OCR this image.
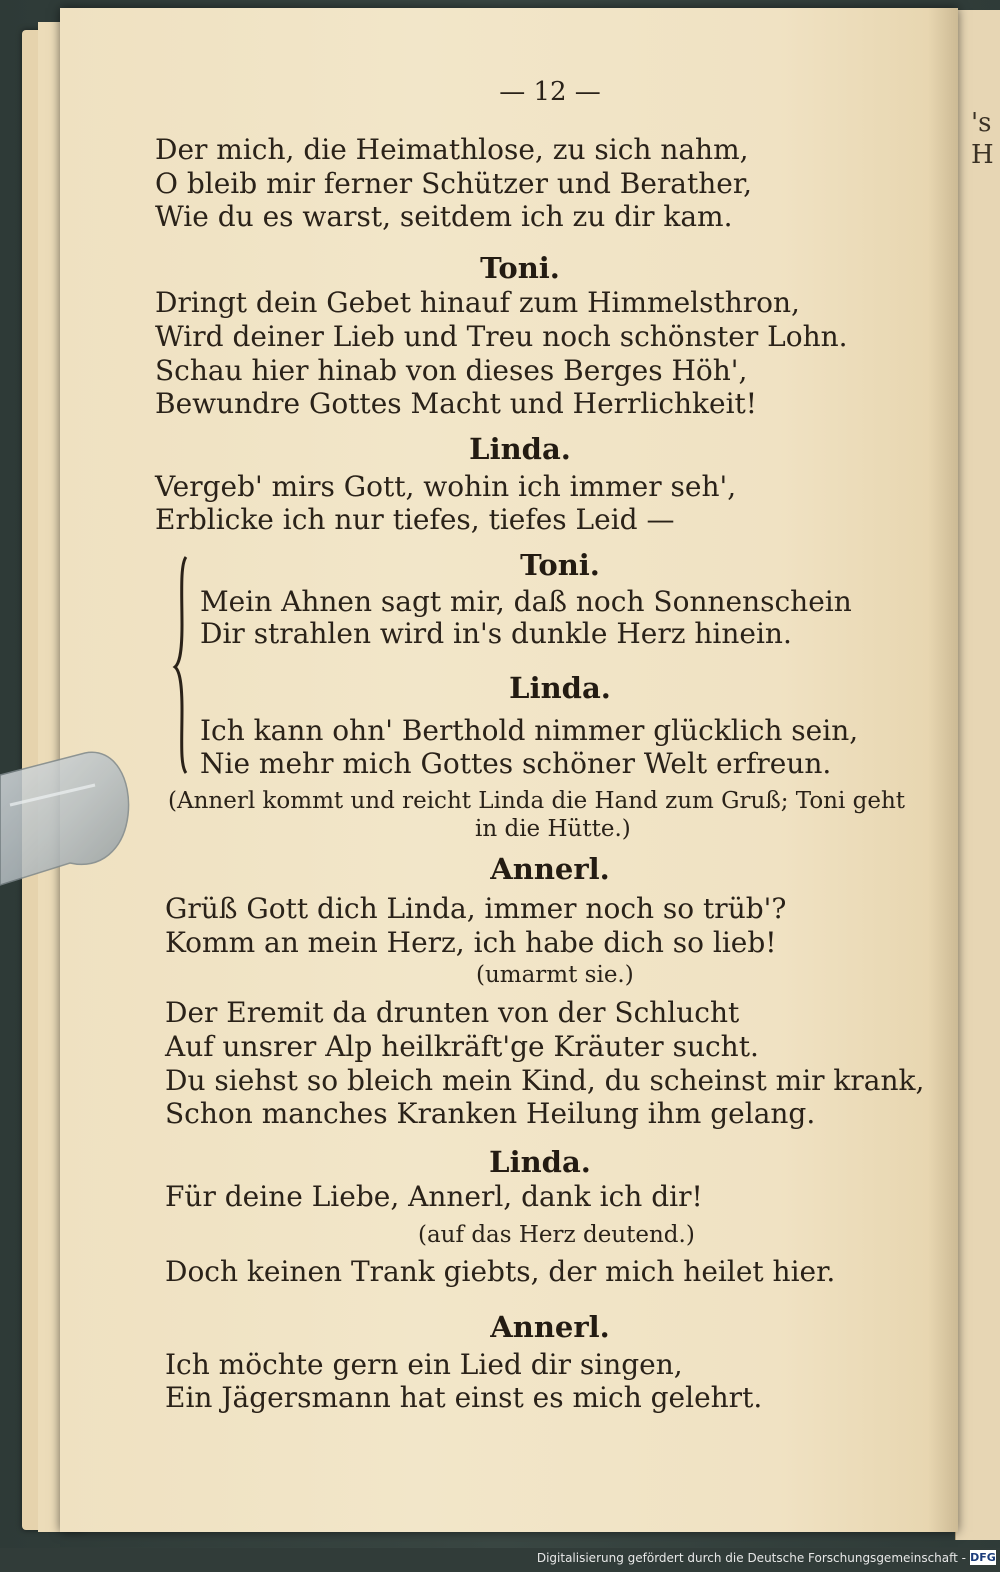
's
H
— 12 —
Der mich, die Heimathlose, zu sich nahm,
O bleib mir ferner Schützer und Berather,
Wie du es warst, seitdem ich zu dir kam.
Toni.
Dringt dein Gebet hinauf zum Himmelsthron,
Wird deiner Lieb und Treu noch schönster Lohn.
Schau hier hinab von dieses Berges Höh',
Bewundre Gottes Macht und Herrlichkeit!
Linda.
Vergeb' mirs Gott, wohin ich immer seh',
Erblicke ich nur tiefes, tiefes Leid —
Toni.
Mein Ahnen sagt mir, daß noch Sonnenschein
Dir strahlen wird in's dunkle Herz hinein.
Linda.
Ich kann ohn' Berthold nimmer glücklich sein,
Nie mehr mich Gottes schöner Welt erfreun.
(Annerl kommt und reicht Linda die Hand zum Gruß; Toni geht
in die Hütte.)
Annerl.
Grüß Gott dich Linda, immer noch so trüb'?
Komm an mein Herz, ich habe dich so lieb!
(umarmt sie.)
Der Eremit da drunten von der Schlucht
Auf unsrer Alp heilkräft'ge Kräuter sucht.
Du siehst so bleich mein Kind, du scheinst mir krank,
Schon manches Kranken Heilung ihm gelang.
Linda.
Für deine Liebe, Annerl, dank ich dir!
(auf das Herz deutend.)
Doch keinen Trank giebts, der mich heilet hier.
Annerl.
Ich möchte gern ein Lied dir singen,
Ein Jägersmann hat einst es mich gelehrt.
Digitalisierung gefördert durch die Deutsche Forschungsgemeinschaft - DFG
